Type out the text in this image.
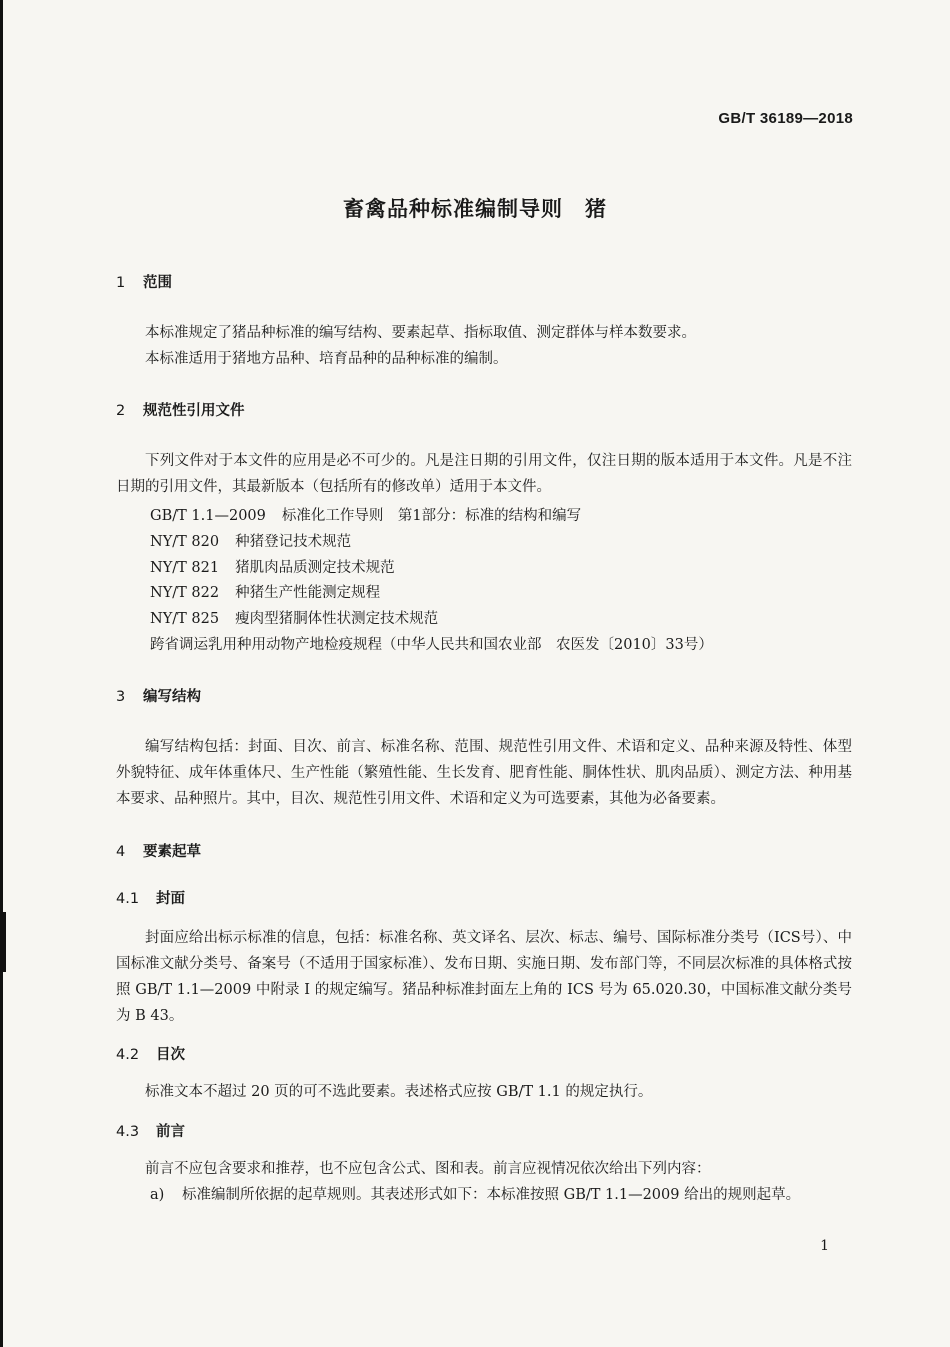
GB/T 36189—2018
畜禽品种标准编制导则　猪
1 范围
本标准规定了猪品种标准的编写结构、要素起草、指标取值、测定群体与样本数要求。
本标准适用于猪地方品种、培育品种的品种标准的编制。
2 规范性引用文件
下列文件对于本文件的应用是必不可少的。凡是注日期的引用文件，仅注日期的版本适用于本文件。凡是不注日期的引用文件，其最新版本（包括所有的修改单）适用于本文件。
GB/T 1.1—2009 标准化工作导则　第1部分：标准的结构和编写
NY/T 820 种猪登记技术规范
NY/T 821 猪肌肉品质测定技术规范
NY/T 822 种猪生产性能测定规程
NY/T 825 瘦肉型猪胴体性状测定技术规范
跨省调运乳用种用动物产地检疫规程（中华人民共和国农业部　农医发〔2010〕33号）
3 编写结构
编写结构包括：封面、目次、前言、标准名称、范围、规范性引用文件、术语和定义、品种来源及特性、体型外貌特征、成年体重体尺、生产性能（繁殖性能、生长发育、肥育性能、胴体性状、肌肉品质）、测定方法、种用基本要求、品种照片。其中，目次、规范性引用文件、术语和定义为可选要素，其他为必备要素。
4 要素起草
4.1 封面
封面应给出标示标准的信息，包括：标准名称、英文译名、层次、标志、编号、国际标准分类号（ICS号）、中国标准文献分类号、备案号（不适用于国家标准）、发布日期、实施日期、发布部门等，不同层次标准的具体格式按照 GB/T 1.1—2009 中附录 I 的规定编写。猪品种标准封面左上角的 ICS 号为 65.020.30，中国标准文献分类号为 B 43。
4.2 目次
标准文本不超过 20 页的可不选此要素。表述格式应按 GB/T 1.1 的规定执行。
4.3 前言
前言不应包含要求和推荐，也不应包含公式、图和表。前言应视情况依次给出下列内容：
a)	标准编制所依据的起草规则。其表述形式如下：本标准按照 GB/T 1.1—2009 给出的规则起草。
1
